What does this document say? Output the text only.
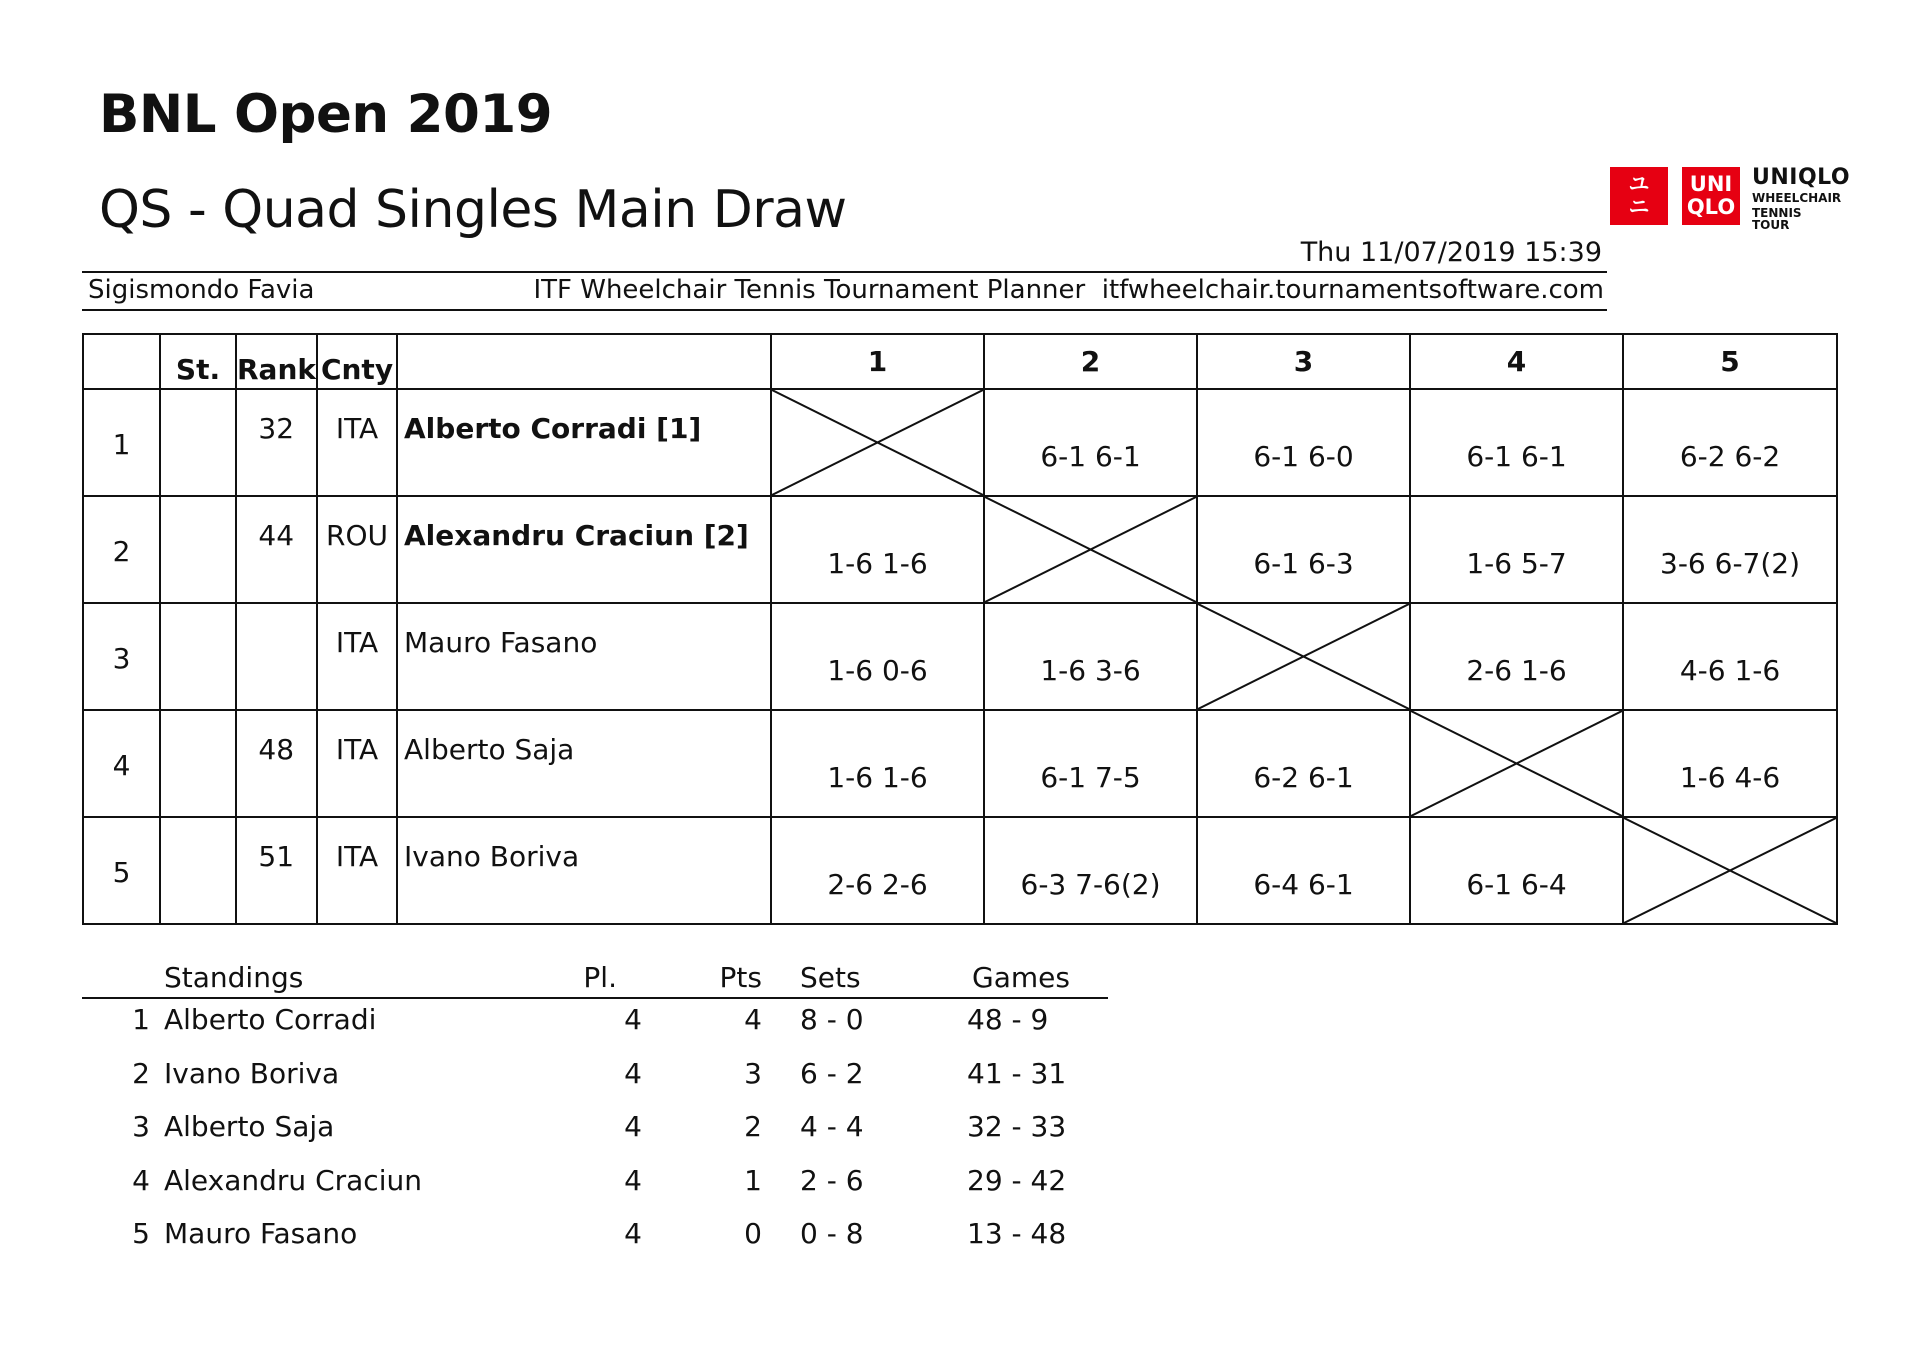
BNL Open 2019
QS - Quad Singles Main Draw
Thu 11/07/2019 15:39
ユ
ニ
UNI
QLO
UNIQLO
WHEELCHAIR
TENNIS TOUR
Sigismondo Favia	ITF Wheelchair Tennis Tournament Planner itfwheelchair.tournamentsoftware.com
	St.	Rank	Cnty		1	2	3	4	5
1		32	ITA	Alberto Corradi [1]		6-1 6-1	6-1 6-0	6-1 6-1	6-2 6-2
2		44	ROU	Alexandru Craciun [2]	1-6 1-6		6-1 6-3	1-6 5-7	3-6 6-7(2)
3			ITA	Mauro Fasano	1-6 0-6	1-6 3-6		2-6 1-6	4-6 1-6
4		48	ITA	Alberto Saja	1-6 1-6	6-1 7-5	6-2 6-1		1-6 4-6
5		51	ITA	Ivano Boriva	2-6 2-6	6-3 7-6(2)	6-4 6-1	6-1 6-4	
Standings	Pl.	Pts Sets	Games
1 Alberto Corradi	4	4 8 - 0	48 - 9
2 Ivano Boriva	4	3 6 - 2	41 - 31
3 Alberto Saja	4	2 4 - 4	32 - 33
4 Alexandru Craciun	4	1 2 - 6	29 - 42
5 Mauro Fasano	4	0 0 - 8	13 - 48
